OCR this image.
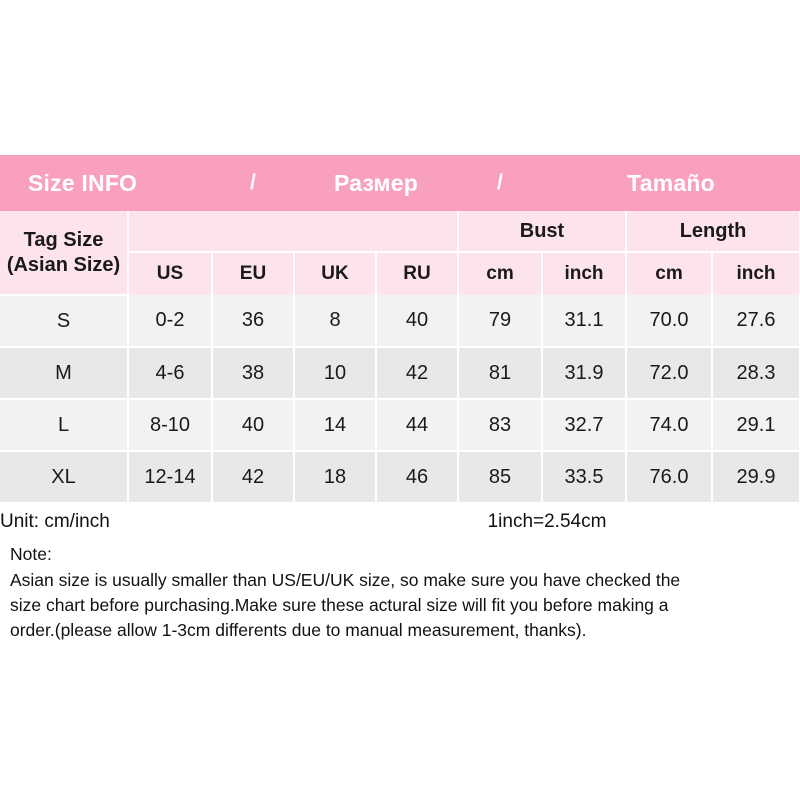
Size INFO		/	Размер		/	Tamaño		

Tag Size
(Asian Size)					Bust		Length	
	US	EU	UK	RU	cm	inch	cm	inch
S	0-2	36	8	40	79	31.1	70.0	27.6
M	4-6	38	10	42	81	31.9	72.0	28.3
L	8-10	40	14	44	83	32.7	74.0	29.1
XL	12-14	42	18	46	85	33.5	76.0	29.9
Unit: cm/inch			1inch=2.54cm					
Note:
Asian size is usually smaller than US/EU/UK size, so make sure you have checked the
size chart before purchasing.Make sure these actural size will fit you before making a
order.(please allow 1-3cm differents due to manual measurement, thanks).
